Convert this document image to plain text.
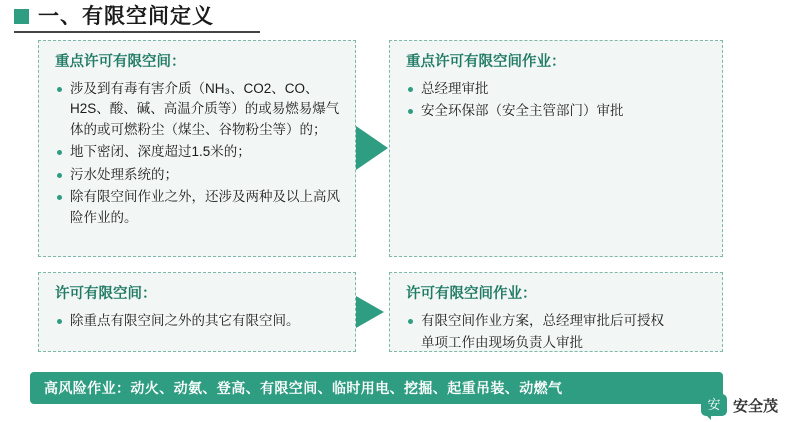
一、有限空间定义
重点许可有限空间：
涉及到有毒有害介质（NH₃、CO2、CO、H2S、酸、碱、高温介质等）的或易燃易爆气体的或可燃粉尘（煤尘、谷物粉尘等）的；
地下密闭、深度超过1.5米的；
污水处理系统的；
除有限空间作业之外，还涉及两种及以上高风险作业的。
重点许可有限空间作业：
总经理审批
安全环保部（安全主管部门）审批
许可有限空间：
除重点有限空间之外的其它有限空间。
许可有限空间作业：
有限空间作业方案，总经理审批后可授权
单项工作由现场负责人审批
高风险作业：动火、动氨、登高、有限空间、临时用电、挖掘、起重吊装、动燃气
安 安全茂
